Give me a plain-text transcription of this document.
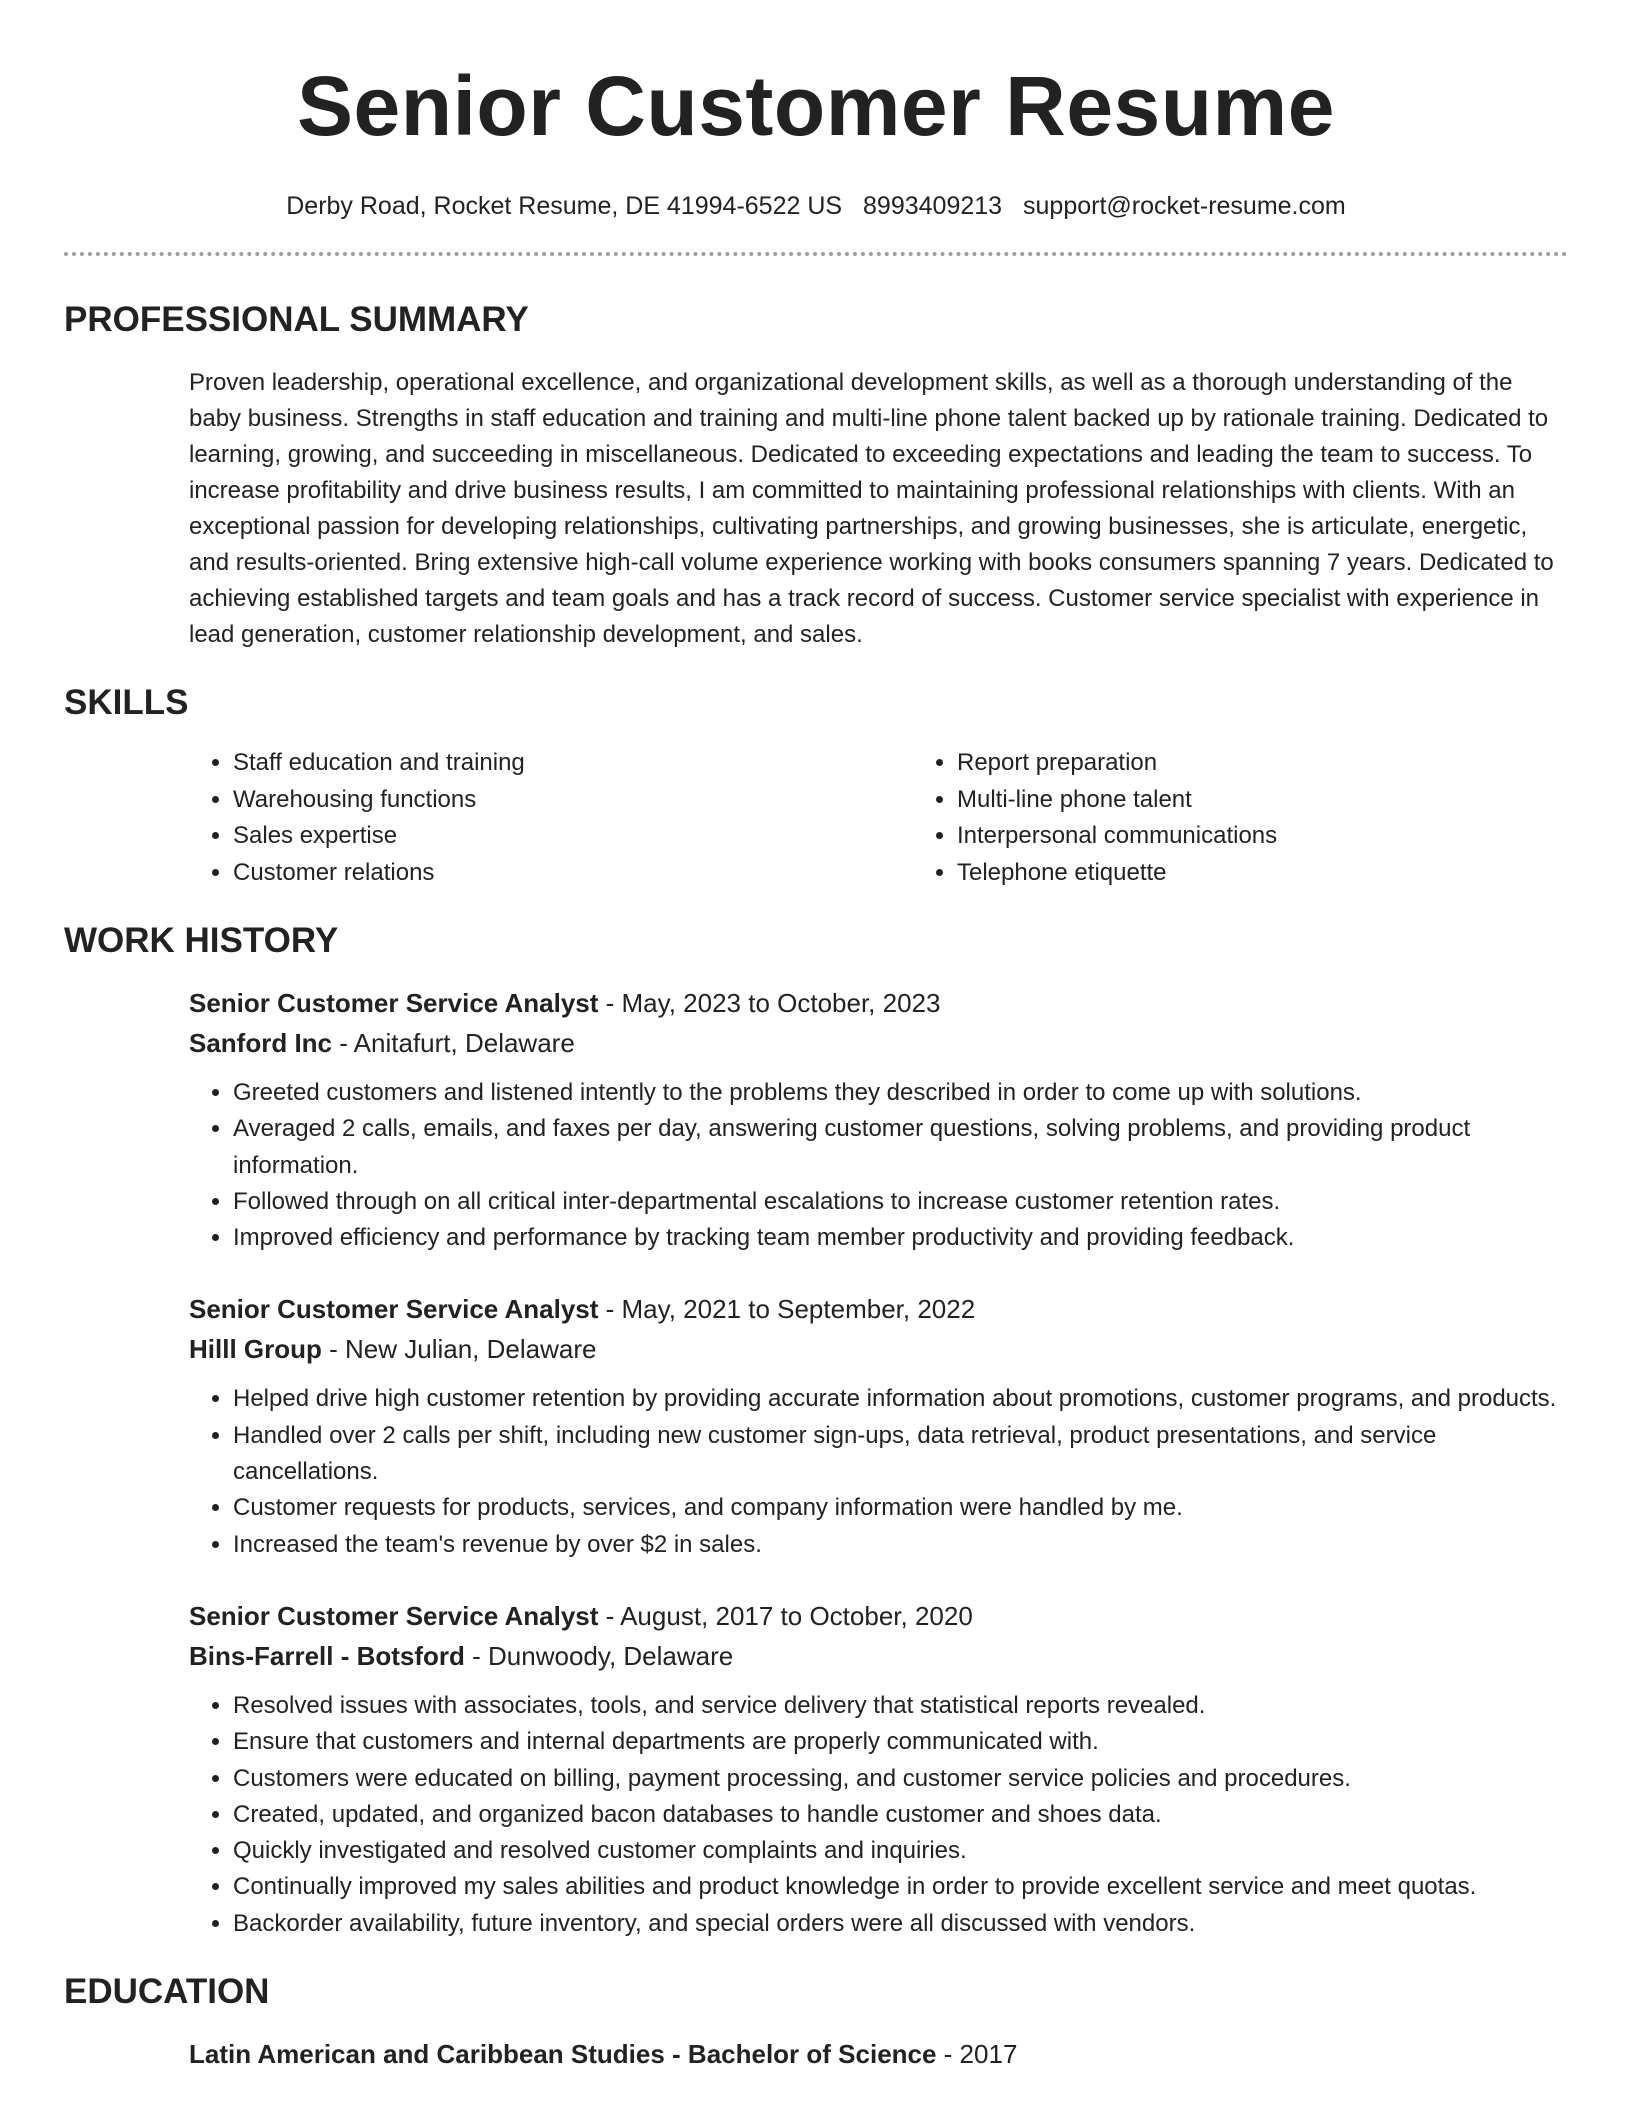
Senior Customer Resume
Derby Road, Rocket Resume, DE 41994-6522 US 8993409213 support@rocket-resume.com
PROFESSIONAL SUMMARY

Proven leadership, operational excellence, and organizational development skills, as well as a thorough understanding of the baby business. Strengths in staff education and training and multi-line phone talent backed up by rationale training. Dedicated to learning, growing, and succeeding in miscellaneous. Dedicated to exceeding expectations and leading the team to success. To increase profitability and drive business results, I am committed to maintaining professional relationships with clients. With an exceptional passion for developing relationships, cultivating partnerships, and growing businesses, she is articulate, energetic, and results-oriented. Bring extensive high-call volume experience working with books consumers spanning 7 years. Dedicated to achieving established targets and team goals and has a track record of success. Customer service specialist with experience in lead generation, customer relationship development, and sales.

SKILLS
• Staff education and training
• Warehousing functions
• Sales expertise
• Customer relations
• Report preparation
• Multi-line phone talent
• Interpersonal communications
• Telephone etiquette
WORK HISTORY
Senior Customer Service Analyst - May, 2023 to October, 2023
Sanford Inc - Anitafurt, Delaware
• Greeted customers and listened intently to the problems they described in order to come up with solutions.
• Averaged 2 calls, emails, and faxes per day, answering customer questions, solving problems, and providing product information.
• Followed through on all critical inter-departmental escalations to increase customer retention rates.
• Improved efficiency and performance by tracking team member productivity and providing feedback.
Senior Customer Service Analyst - May, 2021 to September, 2022
Hilll Group - New Julian, Delaware
• Helped drive high customer retention by providing accurate information about promotions, customer programs, and products.
• Handled over 2 calls per shift, including new customer sign-ups, data retrieval, product presentations, and service cancellations.
• Customer requests for products, services, and company information were handled by me.
• Increased the team's revenue by over $2 in sales.
Senior Customer Service Analyst - August, 2017 to October, 2020
Bins-Farrell - Botsford - Dunwoody, Delaware
• Resolved issues with associates, tools, and service delivery that statistical reports revealed.
• Ensure that customers and internal departments are properly communicated with.
• Customers were educated on billing, payment processing, and customer service policies and procedures.
• Created, updated, and organized bacon databases to handle customer and shoes data.
• Quickly investigated and resolved customer complaints and inquiries.
• Continually improved my sales abilities and product knowledge in order to provide excellent service and meet quotas.
• Backorder availability, future inventory, and special orders were all discussed with vendors.
EDUCATION
Latin American and Caribbean Studies - Bachelor of Science - 2017
